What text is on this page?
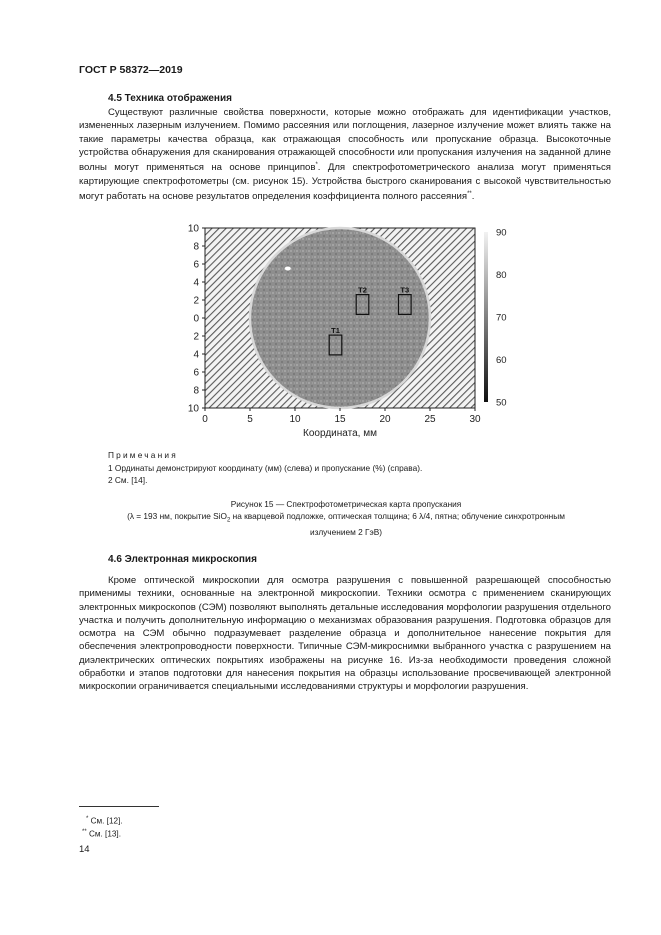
ГОСТ Р 58372—2019
4.5 Техника отображения

Существуют различные свойства поверхности, которые можно отображать для идентификации участков, измененных лазерным излучением. Помимо рассеяния или поглощения, лазерное излучение может влиять также на такие параметры качества образца, как отражающая способность или пропускание образца. Высокоточные устройства обнаружения для сканирования отражающей способности или пропускания излучения на заданной длине волны могут применяться на основе принципов*. Для спектрофотометрического анализа могут применяться картирующие спектрофотометры (см. рисунок 15). Устройства быстрого сканирования с высокой чувствительностью могут работать на основе результатов определения коэффициента полного рассеяния**.

T1
T2	T3
0	5	10	15	20	25	30
10
8
6
4
2
0
2
4
6
8
10
Координата, мм
90
80
70
60
50
Примечания
1 Ординаты демонстрируют координату (мм) (слева) и пропускание (%) (справа).
2 См. [14].
Рисунок 15 — Спектрофотометрическая карта пропускания
(λ = 193 нм, покрытие SiO$_2$ на кварцевой подложке, оптическая толщина; 6 λ/4, пятна; облучение синхротронным
излучением 2 ГэВ)
4.6 Электронная микроскопия

Кроме оптической микроскопии для осмотра разрушения с повышенной разрешающей способностью применимы техники, основанные на электронной микроскопии. Техники осмотра с применением сканирующих электронных микроскопов (СЭМ) позволяют выполнять детальные исследования морфологии разрушения отдельного участка и получить дополнительную информацию о механизмах образования разрушения. Подготовка образцов для осмотра на СЭМ обычно подразумевает разделение образца и дополнительное нанесение покрытия для обеспечения электропроводности поверхности. Типичные СЭМ-микроснимки выбранного участка с разрушением на диэлектрических оптических покрытиях изображены на рисунке 16. Из-за необходимости проведения сложной обработки и этапов подготовки для нанесения покрытия на образцы использование просвечивающей электронной микроскопии ограничивается специальными исследованиями структуры и морфологии разрушения.

* См. [12].
** См. [13].
14
